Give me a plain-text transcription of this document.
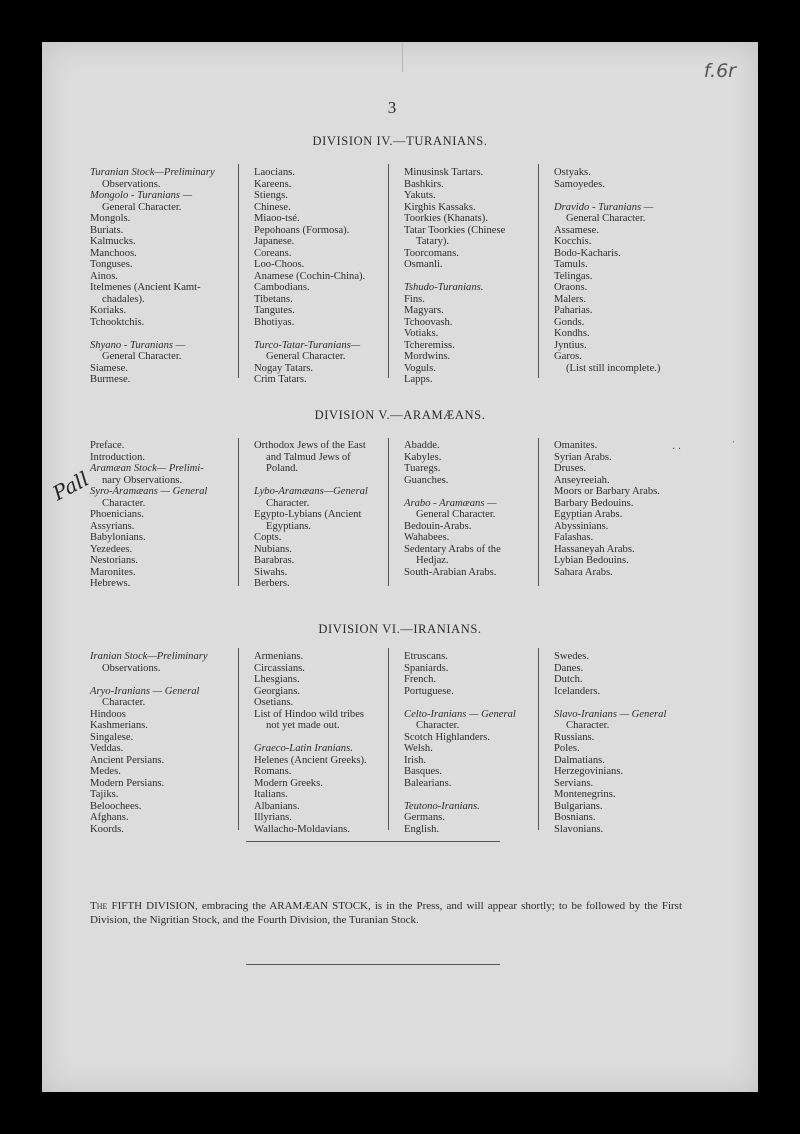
f.6r
3
DIVISION IV.—TURANIANS.
DIVISION V.—ARAMÆANS.
DIVISION VI.—IRANIANS.
Turanian Stock—Preliminary
Observations.
Mongolo - Turanians —
General Character.
Mongols.
Buriats.
Kalmucks.
Manchoos.
Tonguses.
Ainos.
Itelmenes (Ancient Kamt-
chadales).
Koriaks.
Tchooktchis.
Shyano - Turanians —
General Character.
Siamese.
Burmese.
Laocians.
Kareens.
Stiengs.
Chinese.
Miaoo-tsé.
Pepohoans (Formosa).
Japanese.
Coreans.
Loo-Choos.
Anamese (Cochin-China).
Cambodians.
Tibetans.
Tangutes.
Bhotiyas.
Turco-Tatar-Turanians—
General Character.
Nogay Tatars.
Crim Tatars.
Minusinsk Tartars.
Bashkirs.
Yakuts.
Kirghis Kassaks.
Toorkies (Khanats).
Tatar Toorkies (Chinese
Tatary).
Toorcomans.
Osmanli.
Tshudo-Turanians.
Fins.
Magyars.
Tchoovash.
Votiaks.
Tcheremiss.
Mordwins.
Voguls.
Lapps.
Ostyaks.
Samoyedes.
Dravido - Turanians —
General Character.
Assamese.
Kocchis.
Bodo-Kacharis.
Tamuls.
Telingas.
Oraons.
Malers.
Paharias.
Gonds.
Kondhs.
Jyntius.
Garos.
(List still incomplete.)
Preface.
Introduction.
Aramæan Stock— Prelimi-
nary Observations.
Syro-Aramæans — General
Character.
Phoenicians.
Assyrians.
Babylonians.
Yezedees.
Nestorians.
Maronites.
Hebrews.
Orthodox Jews of the East
and Talmud Jews of
Poland.
Lybo-Aramæans—General
Character.
Egypto-Lybians (Ancient
Egyptians.
Copts.
Nubians.
Barabras.
Siwahs.
Berbers.
Abadde.
Kabyles.
Tuaregs.
Guanches.
Arabo - Aramæans —
General Character.
Bedouin-Arabs.
Wahabees.
Sedentary Arabs of the
Hedjaz.
South-Arabian Arabs.
Omanites.
Syrian Arabs.
Druses.
Anseyreeiah.
Moors or Barbary Arabs.
Barbary Bedouins.
Egyptian Arabs.
Abyssinians.
Falashas.
Hassaneyah Arabs.
Lybian Bedouins.
Sahara Arabs.
Iranian Stock—Preliminary
Observations.
Aryo-Iranians — General
Character.
Hindoos
Kashmerians.
Singalese.
Veddas.
Ancient Persians.
Medes.
Modern Persians.
Tajiks.
Beloochees.
Afghans.
Koords.
Armenians.
Circassians.
Lhesgians.
Georgians.
Osetians.
List of Hindoo wild tribes
not yet made out.
Graeco-Latin Iranians.
Helenes (Ancient Greeks).
Romans.
Modern Greeks.
Italians.
Albanians.
Illyrians.
Wallacho-Moldavians.
Etruscans.
Spaniards.
French.
Portuguese.
Celto-Iranians — General
Character.
Scotch Highlanders.
Welsh.
Irish.
Basques.
Balearians.
Teutono-Iranians.
Germans.
English.
Swedes.
Danes.
Dutch.
Icelanders.
Slavo-Iranians — General
Character.
Russians.
Poles.
Dalmatians.
Herzegovinians.
Servians.
Montenegrins.
Bulgarians.
Bosnians.
Slavonians.
Pall
· ·	ˈ
The FIFTH DIVISION, embracing the ARAMÆAN STOCK, is in the Press, and will appear shortly; to be followed by the First Division, the Nigritian Stock, and the Fourth Division, the Turanian Stock.
